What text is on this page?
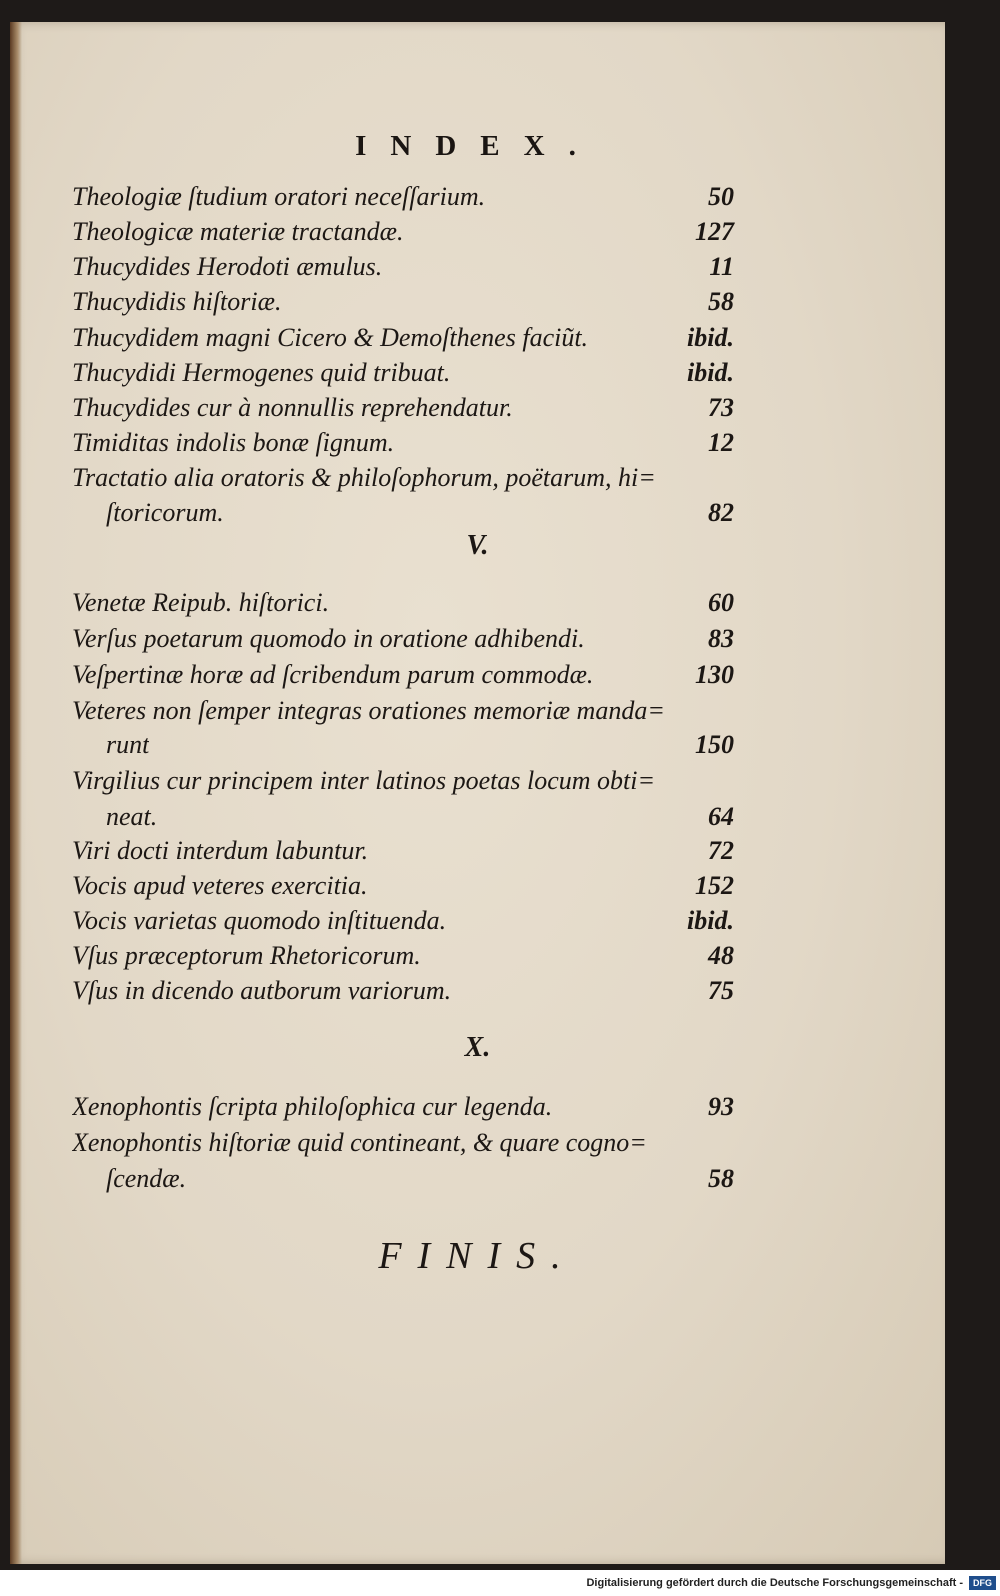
INDEX.
Theologiæ ſtudium oratori neceſſarium.	50
Theologicæ materiæ tractandæ.	127
Thucydides Herodoti æmulus.	11
Thucydidis hiſtoriæ.	58
Thucydidem magni Cicero & Demoſthenes faciũt.	ibid.
Thucydidi Hermogenes quid tribuat.	ibid.
Thucydides cur à nonnullis reprehendatur.	73
Timiditas indolis bonæ ſignum.	12
Tractatio alia oratoris & philoſophorum, poëtarum, hi=
ſtoricorum.	82
V.
Venetæ Reipub. hiſtorici.	60
Verſus poetarum quomodo in oratione adhibendi.	83
Veſpertinæ horæ ad ſcribendum parum commodæ.	130
Veteres non ſemper integras orationes memoriæ manda=
runt	150
Virgilius cur principem inter latinos poetas locum obti=
neat.	64
Viri docti interdum labuntur.	72
Vocis apud veteres exercitia.	152
Vocis varietas quomodo inſtituenda.	ibid.
Vſus præceptorum Rhetoricorum.	48
Vſus in dicendo autborum variorum.	75
X.
Xenophontis ſcripta philoſophica cur legenda.	93
Xenophontis hiſtoriæ quid contineant, & quare cogno=
ſcendæ.	58
FINIS.
Digitalisierung gefördert durch die Deutsche Forschungsgemeinschaft -	DFG
